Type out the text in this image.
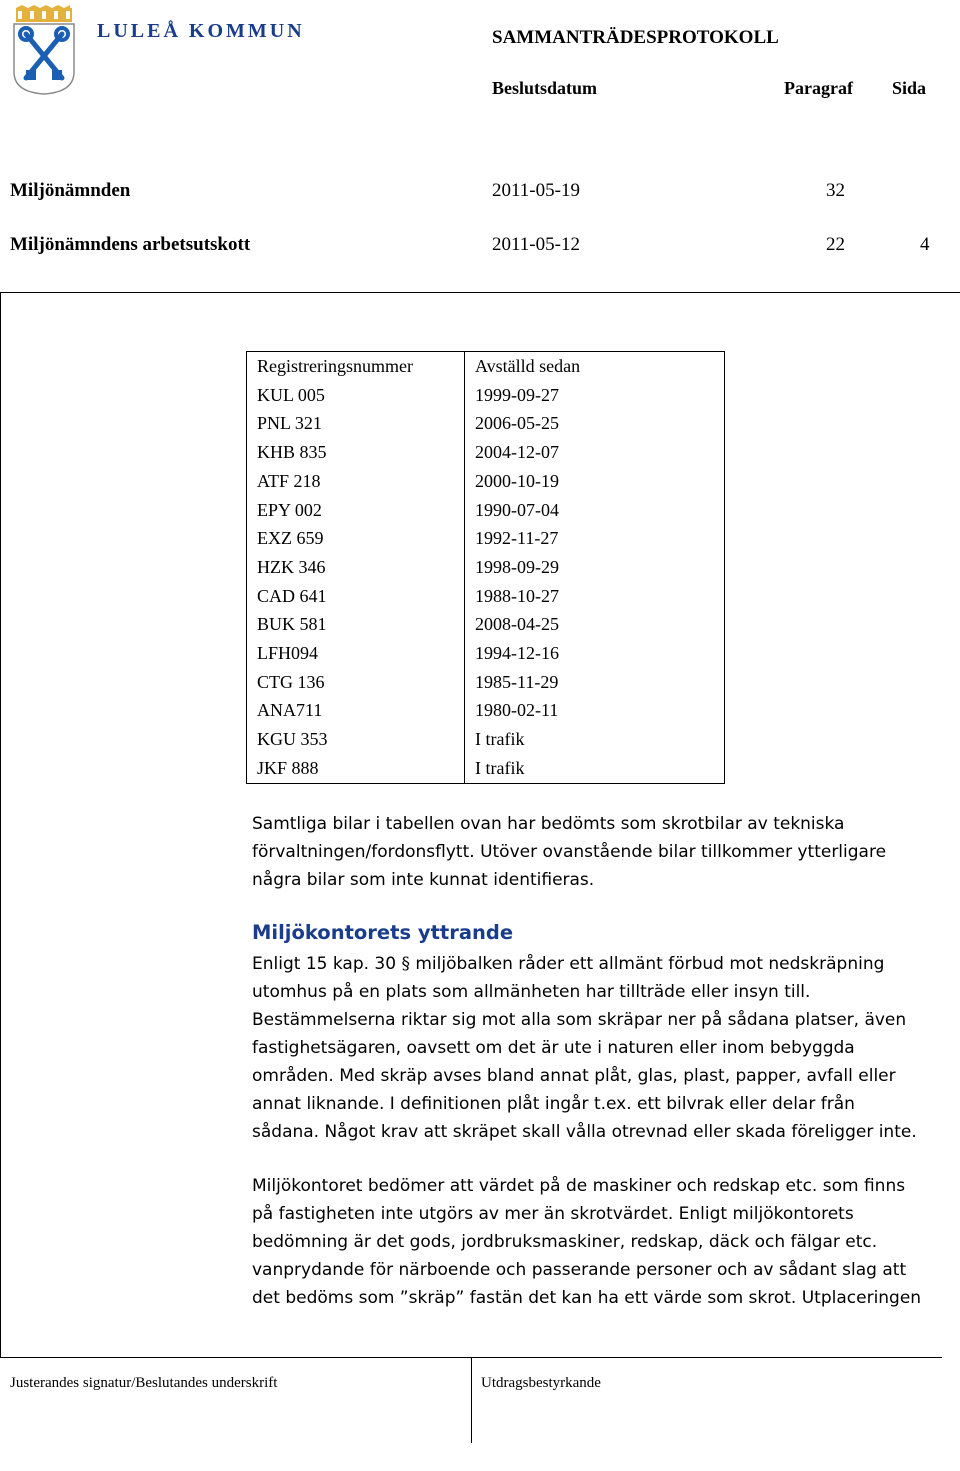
LULEÅ KOMMUN	SAMMANTRÄDESPROTOKOLL
Beslutsdatum	Paragraf Sida
Miljönämnden	2011-05-19	32
Miljönämndens arbetsutskott	2011-05-12	22	4
Registreringsnummer	Avställd sedan
KUL 005	1999-09-27
PNL 321	2006-05-25
KHB 835	2004-12-07
ATF 218	2000-10-19
EPY 002	1990-07-04
EXZ 659	1992-11-27
HZK 346	1998-09-29
CAD 641	1988-10-27
BUK 581	2008-04-25
LFH094	1994-12-16
CTG 136	1985-11-29
ANA711	1980-02-11
KGU 353	I trafik
JKF 888	I trafik
Samtliga bilar i tabellen ovan har bedömts som skrotbilar av tekniska
förvaltningen/fordonsflytt. Utöver ovanstående bilar tillkommer ytterligare
några bilar som inte kunnat identifieras.
Miljökontorets yttrande
Enligt 15 kap. 30 § miljöbalken råder ett allmänt förbud mot nedskräpning
utomhus på en plats som allmänheten har tillträde eller insyn till.
Bestämmelserna riktar sig mot alla som skräpar ner på sådana platser, även
fastighetsägaren, oavsett om det är ute i naturen eller inom bebyggda
områden. Med skräp avses bland annat plåt, glas, plast, papper, avfall eller
annat liknande. I definitionen plåt ingår t.ex. ett bilvrak eller delar från
sådana. Något krav att skräpet skall vålla otrevnad eller skada föreligger inte.
Miljökontoret bedömer att värdet på de maskiner och redskap etc. som finns
på fastigheten inte utgörs av mer än skrotvärdet. Enligt miljökontorets
bedömning är det gods, jordbruksmaskiner, redskap, däck och fälgar etc.
vanprydande för närboende och passerande personer och av sådant slag att
det bedöms som ”skräp” fastän det kan ha ett värde som skrot. Utplaceringen
Justerandes signatur/Beslutandes underskrift	Utdragsbestyrkande
